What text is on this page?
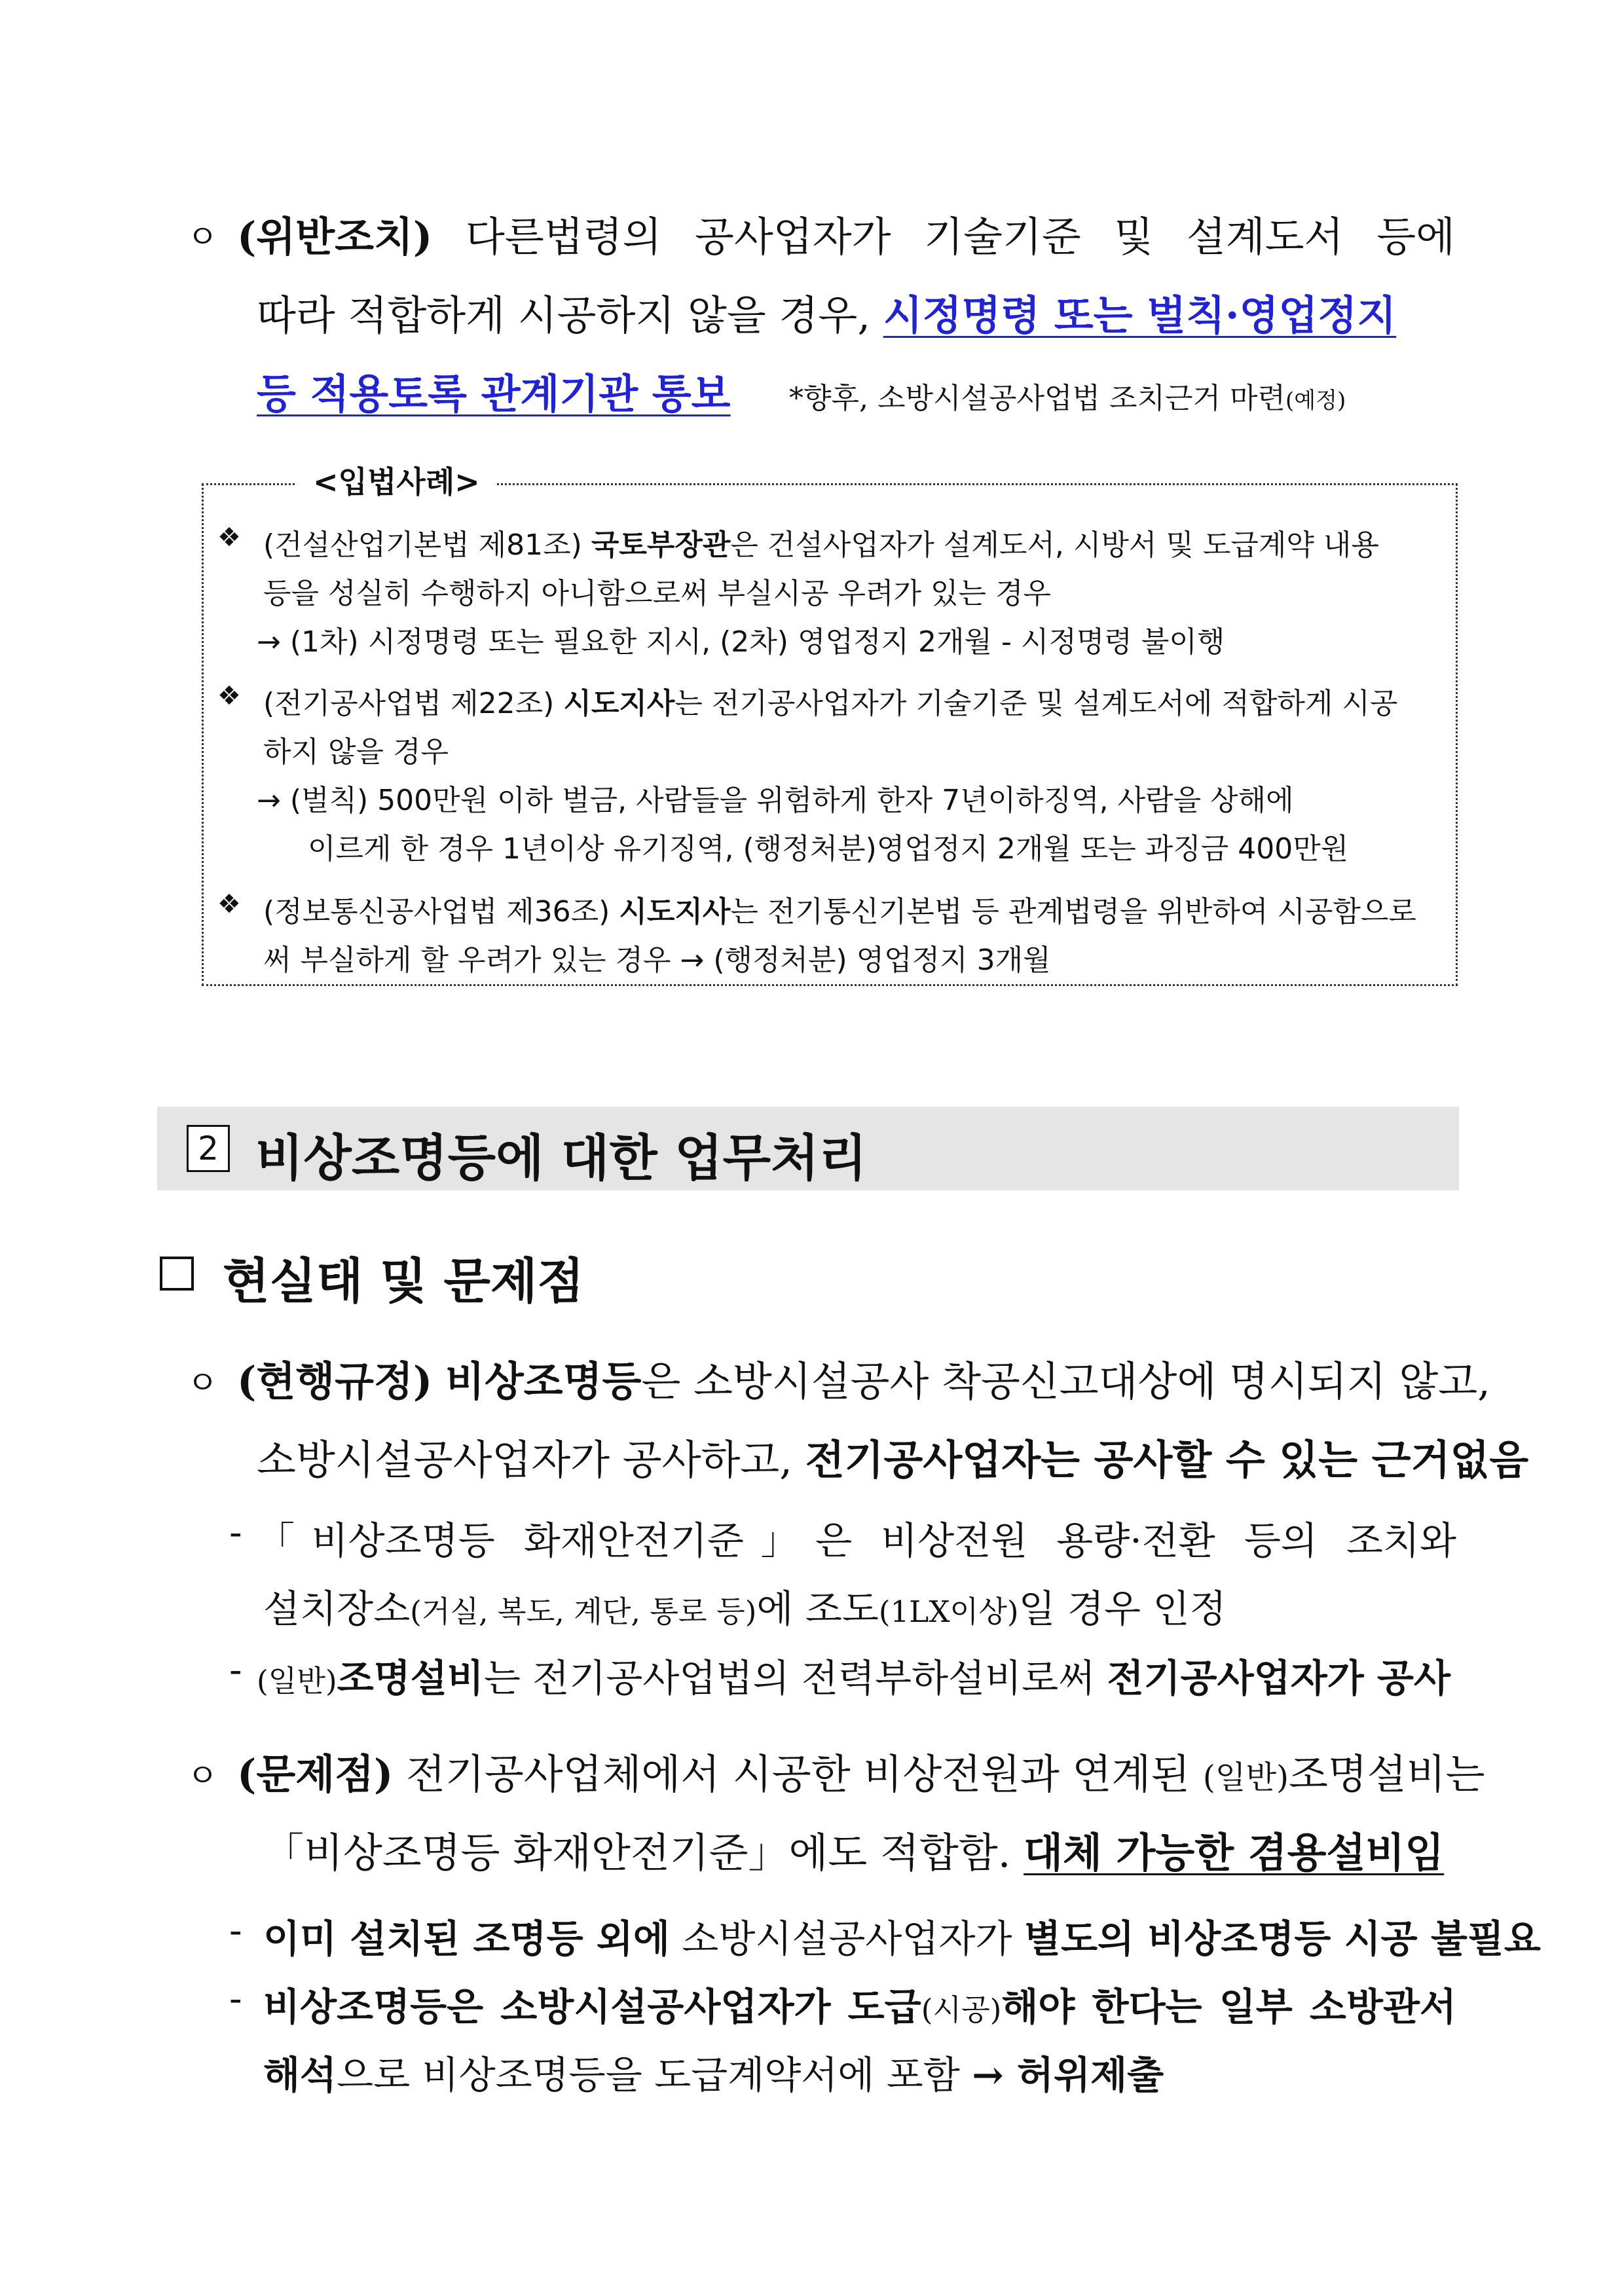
ㅇ (위반조치) 다른법령의 공사업자가 기술기준 및 설계도서 등에
따라 적합하게 시공하지 않을 경우, 시정명령 또는 벌칙·영업정지
등 적용토록 관계기관 통보 *향후, 소방시설공사업법 조치근거 마련(예정)
<입법사례>
❖ (건설산업기본법 제81조) 국토부장관은 건설사업자가 설계도서, 시방서 및 도급계약 내용
등을 성실히 수행하지 아니함으로써 부실시공 우려가 있는 경우
→ (1차) 시정명령 또는 필요한 지시, (2차) 영업정지 2개월 - 시정명령 불이행
❖ (전기공사업법 제22조) 시도지사는 전기공사업자가 기술기준 및 설계도서에 적합하게 시공
하지 않을 경우
→ (벌칙) 500만원 이하 벌금, 사람들을 위험하게 한자 7년이하징역, 사람을 상해에
이르게 한 경우 1년이상 유기징역, (행정처분)영업정지 2개월 또는 과징금 400만원
❖ (정보통신공사업법 제36조) 시도지사는 전기통신기본법 등 관계법령을 위반하여 시공함으로
써 부실하게 할 우려가 있는 경우 → (행정처분) 영업정지 3개월
2 비상조명등에 대한 업무처리
현실태 및 문제점
ㅇ (현행규정) 비상조명등은 소방시설공사 착공신고대상에 명시되지 않고,
소방시설공사업자가 공사하고, 전기공사업자는 공사할 수 있는 근거없음
- 「비상조명등 화재안전기준」은 비상전원 용량·전환 등의 조치와
설치장소(거실, 복도, 계단, 통로 등)에 조도(1LX이상)일 경우 인정
- (일반)조명설비는 전기공사업법의 전력부하설비로써 전기공사업자가 공사
ㅇ (문제점) 전기공사업체에서 시공한 비상전원과 연계된 (일반)조명설비는
「비상조명등 화재안전기준」에도 적합함. 대체 가능한 겸용설비임
- 이미 설치된 조명등 외에 소방시설공사업자가 별도의 비상조명등 시공 불필요
- 비상조명등은 소방시설공사업자가 도급(시공)해야 한다는 일부 소방관서
해석으로 비상조명등을 도급계약서에 포함 → 허위제출
